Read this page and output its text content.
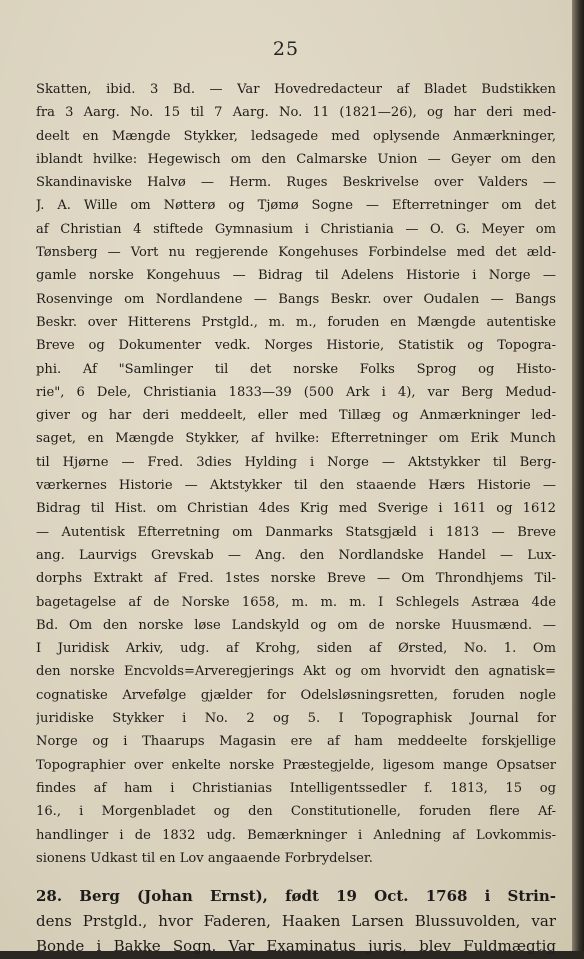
25
Skatten, ibid. 3 Bd. — Var Hovedredacteur af Bladet Budstikken
fra 3 Aarg. No. 15 til 7 Aarg. No. 11 (1821—26), og har deri med-
deelt en Mængde Stykker, ledsagede med oplysende Anmærkninger,
iblandt hvilke: Hegewisch om den Calmarske Union — Geyer om den
Skandinaviske Halvø — Herm. Ruges Beskrivelse over Valders —
J. A. Wille om Nøtterø og Tjømø Sogne — Efterretninger om det
af Christian 4 stiftede Gymnasium i Christiania — O. G. Meyer om
Tønsberg — Vort nu regjerende Kongehuses Forbindelse med det æld-
gamle norske Kongehuus — Bidrag til Adelens Historie i Norge —
Rosenvinge om Nordlandene — Bangs Beskr. over Oudalen — Bangs
Beskr. over Hitterens Prstgld., m. m., foruden en Mængde autentiske
Breve og Dokumenter vedk. Norges Historie, Statistik og Topogra-
phi. Af "Samlinger til det norske Folks Sprog og Histo-
rie", 6 Dele, Christiania 1833—39 (500 Ark i 4), var Berg Medud-
giver og har deri meddeelt, eller med Tillæg og Anmærkninger led-
saget, en Mængde Stykker, af hvilke: Efterretninger om Erik Munch
til Hjørne — Fred. 3dies Hylding i Norge — Aktstykker til Berg-
værkernes Historie — Aktstykker til den staaende Hærs Historie —
Bidrag til Hist. om Christian 4des Krig med Sverige i 1611 og 1612
— Autentisk Efterretning om Danmarks Statsgjæld i 1813 — Breve
ang. Laurvigs Grevskab — Ang. den Nordlandske Handel — Lux-
dorphs Extrakt af Fred. 1stes norske Breve — Om Throndhjems Til-
bagetagelse af de Norske 1658, m. m. m. I Schlegels Astræa 4de
Bd. Om den norske løse Landskyld og om de norske Huusmænd. —
I Juridisk Arkiv, udg. af Krohg, siden af Ørsted, No. 1. Om
den norske Encvolds=Arveregjerings Akt og om hvorvidt den agnatisk=
cognatiske Arvefølge gjælder for Odelsløsningsretten, foruden nogle
juridiske Stykker i No. 2 og 5. I Topographisk Journal for
Norge og i Thaarups Magasin ere af ham meddeelte forskjellige
Topographier over enkelte norske Præstegjelde, ligesom mange Opsatser
findes af ham i Christianias Intelligentssedler f. 1813, 15 og
16., i Morgenbladet og den Constitutionelle, foruden flere Af-
handlinger i de 1832 udg. Bemærkninger i Anledning af Lovkommis-
sionens Udkast til en Lov angaaende Forbrydelser.
28. Berg (Johan Ernst), født 19 Oct. 1768 i Strin-
dens Prstgld., hvor Faderen, Haaken Larsen Blussuvolden, var
Bonde i Bakke Sogn. Var Examinatus juris, blev Fuldmægtig
